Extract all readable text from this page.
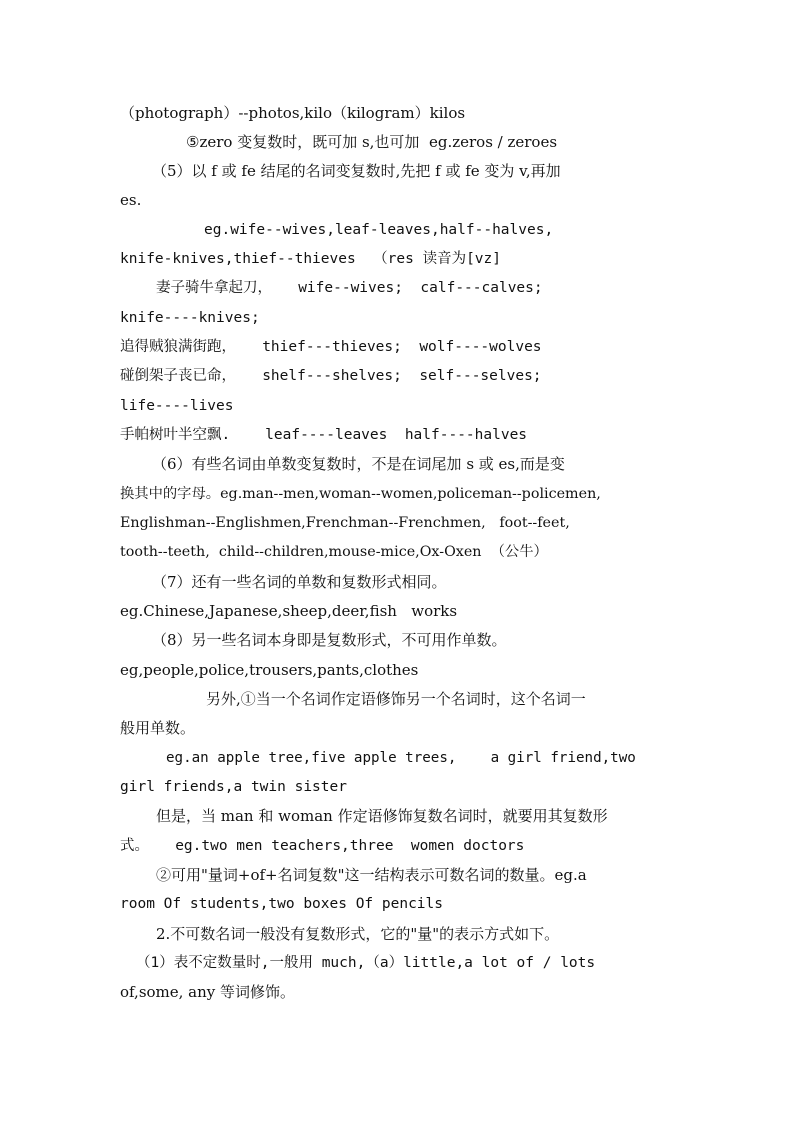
（photograph）--photos,kilo（kilogram）kilos
⑤zero 变复数时，既可加 s,也可加  eg.zeros / zeroes
（5）以 f 或 fe 结尾的名词变复数时,先把 f 或 fe 变为 v,再加
es.
eg.wife--wives,leaf-leaves,half--halves,
knife-knives,thief--thieves  （res 读音为[vz]
妻子骑牛拿起刀，   wife--wives;  calf---calves;
knife----knives;
追得贼狼满街跑，   thief---thieves;  wolf----wolves
碰倒架子丧已命，   shelf---shelves;  self---selves;
life----lives
手帕树叶半空飘.    leaf----leaves  half----halves
（6）有些名词由单数变复数时，不是在词尾加 s 或 es,而是变
换其中的字母。eg.man--men,woman--women,policeman--policemen,
Englishman--Englishmen,Frenchman--Frenchmen,   foot--feet,
tooth--teeth,  child--children,mouse-mice,Ox-Oxen  （公牛）
（7）还有一些名词的单数和复数形式相同。
eg.Chinese,Japanese,sheep,deer,fish   works
（8）另一些名词本身即是复数形式，不可用作单数。
eg,people,police,trousers,pants,clothes
另外,①当一个名词作定语修饰另一个名词时，这个名词一
般用单数。
eg.an apple tree,five apple trees,    a girl friend,two
girl friends,a twin sister
但是，当 man 和 woman 作定语修饰复数名词时，就要用其复数形
式。   eg.two men teachers,three  women doctors
②可用"量词+of+名词复数"这一结构表示可数名词的数量。eg.a
room Of students,two boxes Of pencils
2.不可数名词一般没有复数形式，它的"量"的表示方式如下。
（1）表不定数量时,一般用 much,（a）little,a lot of / lots
of,some, any 等词修饰。
